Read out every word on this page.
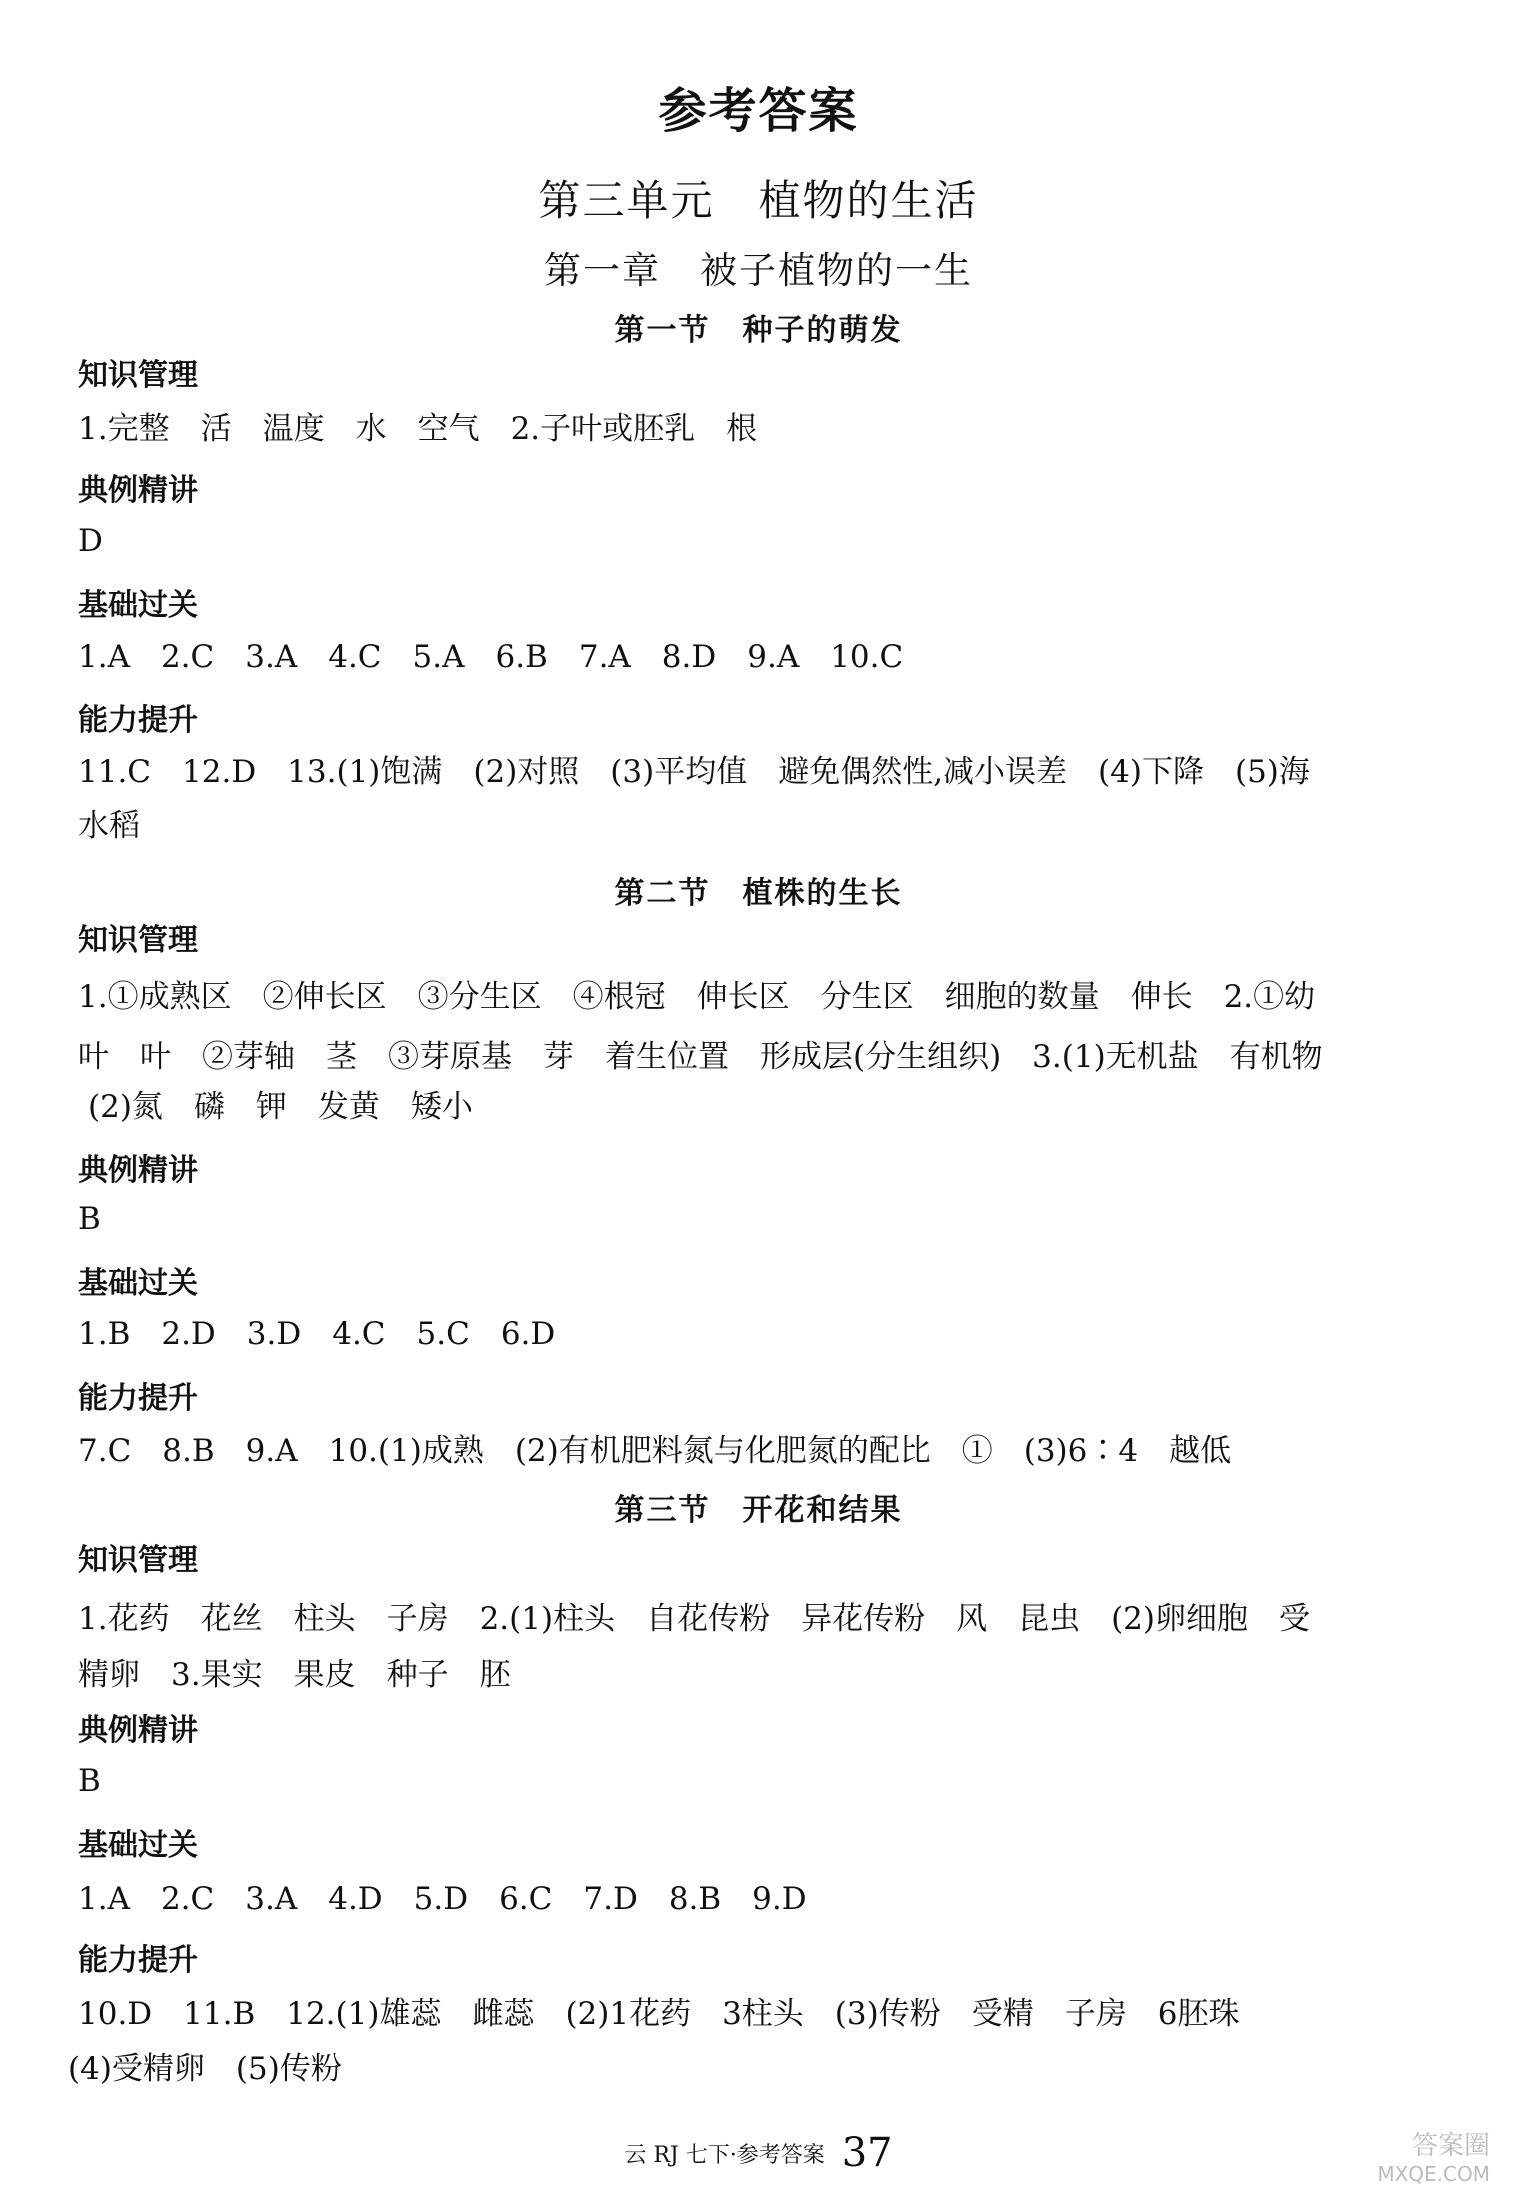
参考答案
第三单元　植物的生活
第一章　被子植物的一生
第一节　种子的萌发
知识管理
1.完整　活　温度　水　空气　2.子叶或胚乳　根
典例精讲
D
基础过关
1.A　2.C　3.A　4.C　5.A　6.B　7.A　8.D　9.A　10.C
能力提升
11.C　12.D　13.(1)饱满　(2)对照　(3)平均值　避免偶然性,减小误差　(4)下降　(5)海
水稻
第二节　植株的生长
知识管理
1.①成熟区　②伸长区　③分生区　④根冠　伸长区　分生区　细胞的数量　伸长　2.①幼
叶　叶　②芽轴　茎　③芽原基　芽　着生位置　形成层(分生组织)　3.(1)无机盐　有机物
(2)氮　磷　钾　发黄　矮小
典例精讲
B
基础过关
1.B　2.D　3.D　4.C　5.C　6.D
能力提升
7.C　8.B　9.A　10.(1)成熟　(2)有机肥料氮与化肥氮的配比　①　(3)6∶4　越低
第三节　开花和结果
知识管理
1.花药　花丝　柱头　子房　2.(1)柱头　自花传粉　异花传粉　风　昆虫　(2)卵细胞　受
精卵　3.果实　果皮　种子　胚
典例精讲
B
基础过关
1.A　2.C　3.A　4.D　5.D　6.C　7.D　8.B　9.D
能力提升
10.D　11.B　12.(1)雄蕊　雌蕊　(2)1花药　3柱头　(3)传粉　受精　子房　6胚珠
(4)受精卵　(5)传粉
云 RJ 七下·参考答案 37	答案圈
MXQE.COM
